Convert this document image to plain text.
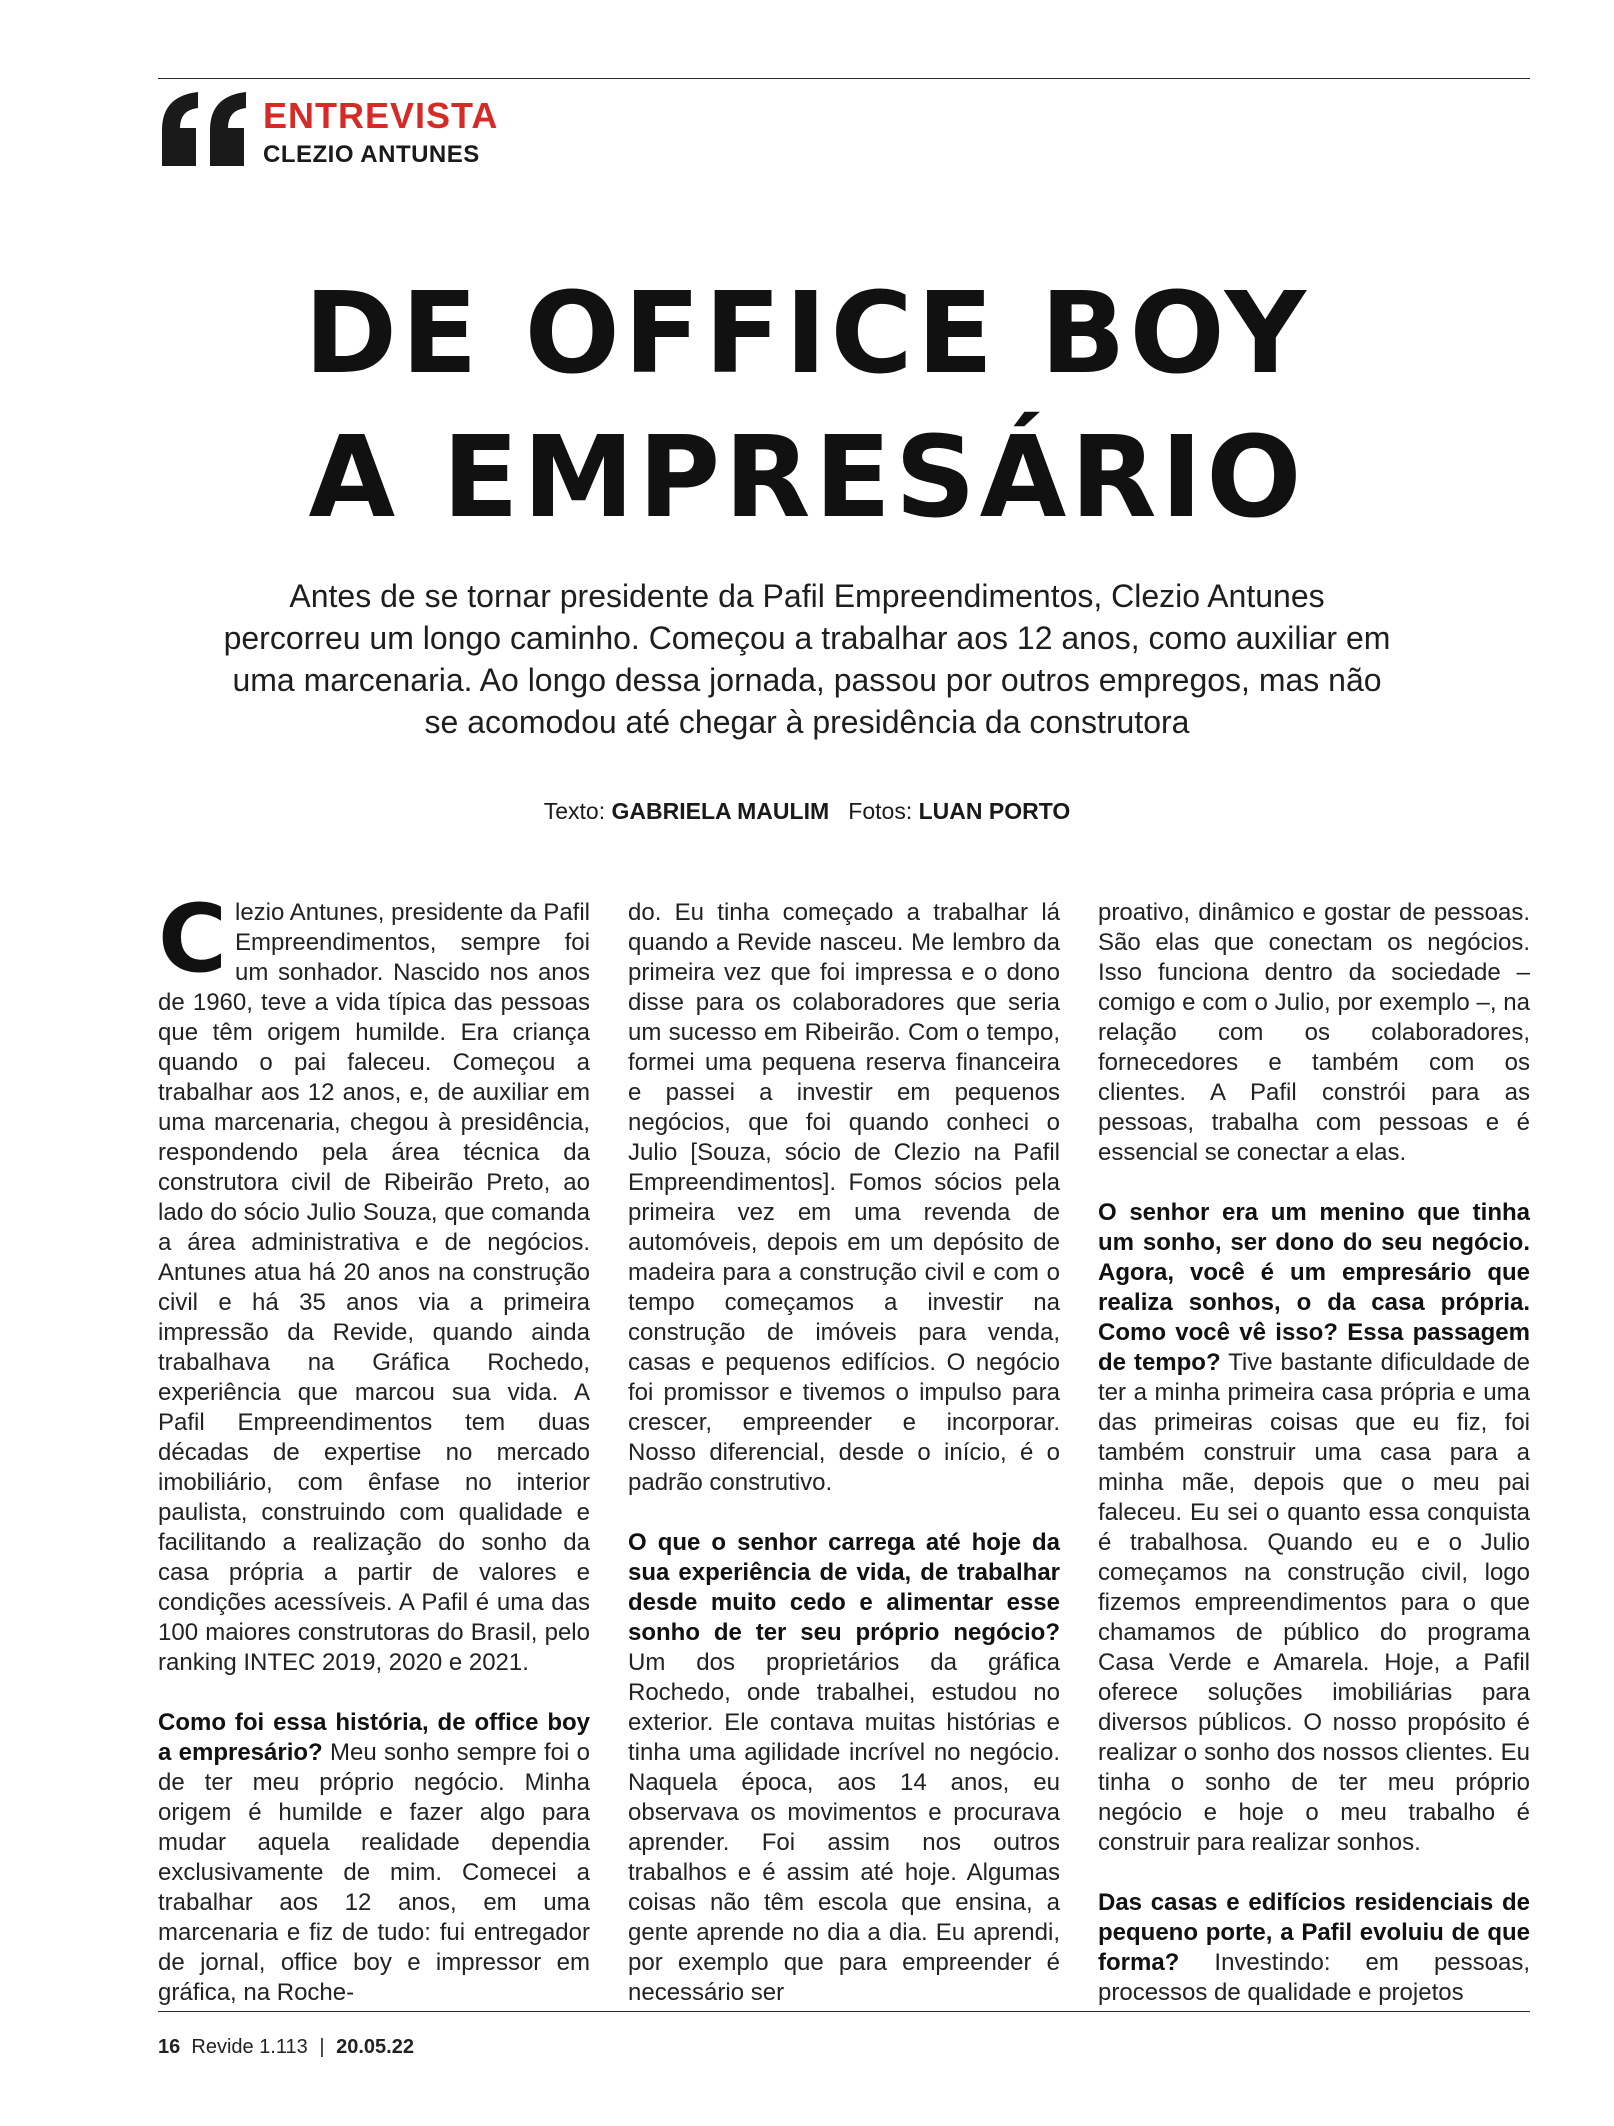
ENTREVISTA
CLEZIO ANTUNES
DE OFFICE BOY
A EMPRESÁRIO
Antes de se tornar presidente da Pafil Empreendimentos, Clezio Antunes percorreu um longo caminho. Começou a trabalhar aos 12 anos, como auxiliar em uma marcenaria. Ao longo dessa jornada, passou por outros empregos, mas não se acomodou até chegar à presidência da construtora
Texto: GABRIELA MAULIM Fotos: LUAN PORTO

Clezio Antunes, presidente da Pafil Empreendimentos, sempre foi um sonhador. Nascido nos anos de 1960, teve a vida típica das pessoas que têm origem humilde. Era criança quando o pai faleceu. Começou a trabalhar aos 12 anos, e, de auxiliar em uma marcenaria, chegou à presidência, respondendo pela área técnica da construtora civil de Ribeirão Preto, ao lado do sócio Julio Souza, que comanda a área administrativa e de negócios. Antunes atua há 20 anos na construção civil e há 35 anos via a primeira impressão da Revide, quando ainda trabalhava na Gráfica Rochedo, experiência que marcou sua vida. A Pafil Empreendimentos tem duas décadas de expertise no mercado imobiliário, com ênfase no interior paulista, construindo com qualidade e facilitando a realização do sonho da casa própria a partir de valores e condições acessíveis. A Pafil é uma das 100 maiores construtoras do Brasil, pelo ranking INTEC 2019, 2020 e 2021.

Como foi essa história, de office boy a empresário? Meu sonho sempre foi o de ter meu próprio negócio. Minha origem é humilde e fazer algo para mudar aquela realidade dependia exclusivamente de mim. Comecei a trabalhar aos 12 anos, em uma marcenaria e fiz de tudo: fui entregador de jornal, office boy e impressor em gráfica, na Roche-

do. Eu tinha começado a trabalhar lá quando a Revide nasceu. Me lembro da primeira vez que foi impressa e o dono disse para os colaboradores que seria um sucesso em Ribeirão. Com o tempo, formei uma pequena reserva financeira e passei a investir em pequenos negócios, que foi quando conheci o Julio [Souza, sócio de Clezio na Pafil Empreendimentos]. Fomos sócios pela primeira vez em uma revenda de automóveis, depois em um depósito de madeira para a construção civil e com o tempo começamos a investir na construção de imóveis para venda, casas e pequenos edifícios. O negócio foi promissor e tivemos o impulso para crescer, empreender e incorporar. Nosso diferencial, desde o início, é o padrão construtivo.

O que o senhor carrega até hoje da sua experiência de vida, de trabalhar desde muito cedo e alimentar esse sonho de ter seu próprio negócio? Um dos proprietários da gráfica Rochedo, onde trabalhei, estudou no exterior. Ele contava muitas histórias e tinha uma agilidade incrível no negócio. Naquela época, aos 14 anos, eu observava os movimentos e procurava aprender. Foi assim nos outros trabalhos e é assim até hoje. Algumas coisas não têm escola que ensina, a gente aprende no dia a dia. Eu aprendi, por exemplo que para empreender é necessário ser

proativo, dinâmico e gostar de pessoas. São elas que conectam os negócios. Isso funciona dentro da sociedade – comigo e com o Julio, por exemplo –, na relação com os colaboradores, fornecedores e também com os clientes. A Pafil constrói para as pessoas, trabalha com pessoas e é essencial se conectar a elas.

O senhor era um menino que tinha um sonho, ser dono do seu negócio. Agora, você é um empresário que realiza sonhos, o da casa própria. Como você vê isso? Essa passagem de tempo? Tive bastante dificuldade de ter a minha primeira casa própria e uma das primeiras coisas que eu fiz, foi também construir uma casa para a minha mãe, depois que o meu pai faleceu. Eu sei o quanto essa conquista é trabalhosa. Quando eu e o Julio começamos na construção civil, logo fizemos empreendimentos para o que chamamos de público do programa Casa Verde e Amarela. Hoje, a Pafil oferece soluções imobiliárias para diversos públicos. O nosso propósito é realizar o sonho dos nossos clientes. Eu tinha o sonho de ter meu próprio negócio e hoje o meu trabalho é construir para realizar sonhos.

Das casas e edifícios residenciais de pequeno porte, a Pafil evoluiu de que forma? Investindo: em pessoas, processos de qualidade e projetos

16 Revide 1.113 | 20.05.22
